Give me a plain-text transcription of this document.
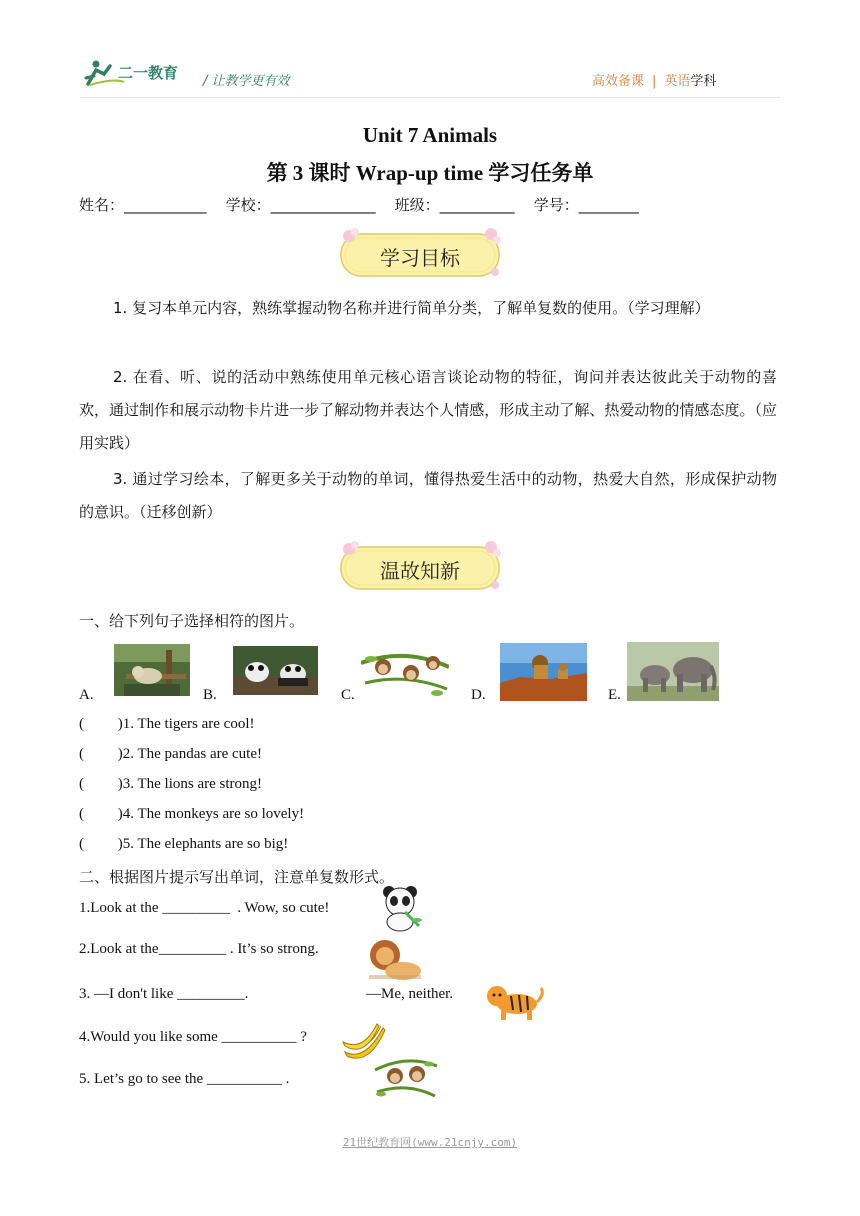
二一教育 / 让教学更有效	高效备课 | 英语学科
Unit 7 Animals
第 3 课时 Wrap-up time 学习任务单
姓名：___________    学校：______________    班级：__________    学号：________
学习目标
1. 复习本单元内容，熟练掌握动物名称并进行简单分类，了解单复数的使用。（学习理解）
2. 在看、听、说的活动中熟练使用单元核心语言谈论动物的特征，询问并表达彼此关于动物的喜欢，通过制作和展示动物卡片进一步了解动物并表达个人情感，形成主动了解、热爱动物的情感态度。（应用实践）
3. 通过学习绘本，了解更多关于动物的单词，懂得热爱生活中的动物，热爱大自然，形成保护动物的意识。（迁移创新）
温故知新
一、给下列句子选择相符的图片。
A.	B.	C.	D.	E.
(         )1. The tigers are cool!
(         )2. The pandas are cute!
(         )3. The lions are strong!
(         )4. The monkeys are so lovely!
(         )5. The elephants are so big!
二、根据图片提示写出单词，注意单复数形式。
1.Look at the _________  . Wow, so cute!
2.Look at the_________ . It’s so strong.
3. —I don't like _________.	—Me, neither.
4.Would you like some __________ ?
5. Let’s go to see the __________ .
21世纪教育网(www.21cnjy.com)
